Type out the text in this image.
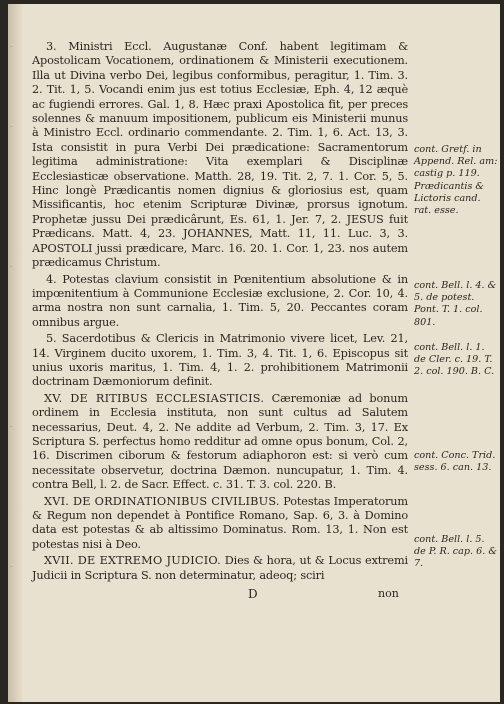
·
·
·
·
·

3. Ministri Eccl. Augustanæ Conf. habent legitimam & Apostolicam Vocationem, ordinationem & Ministerii executionem. Illa ut Divina verbo Dei, legibus conformibus, peragitur, 1. Tim. 3. 2. Tit. 1, 5. Vocandi enim jus est totius Ecclesiæ, Eph. 4, 12 æquè ac fugiendi errores. Gal. 1, 8. Hæc praxi Apostolica fit, per preces solennes & manuum impositionem, publicum eis Ministerii munus à Ministro Eccl. ordinario commendante. 2. Tim. 1, 6. Act. 13, 3. Ista consistit in pura Verbi Dei prædicatione: Sacramentorum legitima administratione: Vita exemplari & Disciplinæ Ecclesiasticæ observatione. Matth. 28, 19. Tit. 2, 7. 1. Cor. 5, 5. Hinc longè Prædicantis nomen dignius & gloriosius est, quam Missificantis, hoc etenim Scripturæ Divinæ, prorsus ignotum. Prophetæ jussu Dei prædicârunt, Es. 61, 1. Jer. 7, 2. JESUS fuit Prædicans. Matt. 4, 23. JOHANNES, Matt. 11, 11. Luc. 3, 3. APOSTOLI jussi prædicare, Marc. 16. 20. 1. Cor. 1, 23. nos autem prædicamus Christum.

4. Potestas clavium consistit in Pœnitentium absolutione & in impœnitentium à Communione Ecclesiæ exclusione, 2. Cor. 10, 4. arma nostra non sunt carnalia, 1. Tim. 5, 20. Peccantes coram omnibus argue.

5. Sacerdotibus & Clericis in Matrimonio vivere licet, Lev. 21, 14. Virginem ducito uxorem, 1. Tim. 3, 4. Tit. 1, 6. Episcopus sit unius uxoris maritus, 1. Tim. 4, 1. 2. prohibitionem Matrimonii doctrinam Dæmoniorum definit.

XV. DE RITIBUS ECCLESIASTICIS. Cæremoniæ ad bonum ordinem in Ecclesia instituta, non sunt cultus ad Salutem necessarius, Deut. 4, 2. Ne addite ad Verbum, 2. Tim. 3, 17. Ex Scriptura S. perfectus homo redditur ad omne opus bonum, Col. 2, 16. Discrimen ciborum & festorum adiaphoron est: si verò cum necessitate observetur, doctrina Dæmon. nuncupatur, 1. Tim. 4. contra Bell, l. 2. de Sacr. Effect. c. 31. T. 3. col. 220. B.

XVI. DE ORDINATIONIBUS CIVILIBUS. Potestas Imperatorum & Regum non dependet à Pontifice Romano, Sap. 6, 3. à Domino data est potestas & ab altissimo Dominatus. Rom. 13, 1. Non est potestas nisi à Deo.

XVII. DE EXTREMO JUDICIO. Dies & hora, ut & Locus extremi Judicii in Scriptura S. non determinatur, adeoq; sciri

cont. Gretf. in Append. Rel. am: castig p. 119. Prædicantis & Lictoris cand. rat. esse.
cont. Bell. l. 4. & 5. de potest. Pont. T. 1. col. 801.
cont. Bell. l. 1. de Cler. c. 19. T. 2. col. 190. B. C.
cont. Conc. Trid. sess. 6. can. 13.
cont. Bell. l. 5. de P. R. cap. 6. & 7.
D	non
